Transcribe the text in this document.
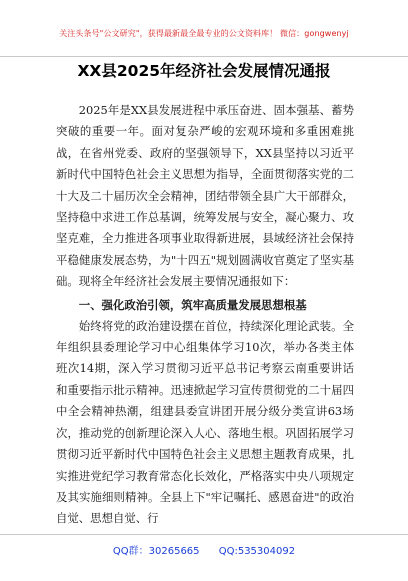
关注头条号"公文研究"，获得最新最全最专业的公文资料库！ 微信：gongwenyj
XX县2025年经济社会发展情况通报

2025年是XX县发展进程中承压奋进、固本强基、蓄势突破的重要一年。面对复杂严峻的宏观环境和多重困难挑战，在省州党委、政府的坚强领导下，XX县坚持以习近平新时代中国特色社会主义思想为指导，全面贯彻落实党的二十大及二十届历次全会精神，团结带领全县广大干部群众，坚持稳中求进工作总基调，统筹发展与安全，凝心聚力、攻坚克难，全力推进各项事业取得新进展，县域经济社会保持平稳健康发展态势，为"十四五"规划圆满收官奠定了坚实基础。现将全年经济社会发展主要情况通报如下：

一、强化政治引领，筑牢高质量发展思想根基

始终将党的政治建设摆在首位，持续深化理论武装。全年组织县委理论学习中心组集体学习10次，举办各类主体班次14期，深入学习贯彻习近平总书记考察云南重要讲话和重要指示批示精神。迅速掀起学习宣传贯彻党的二十届四中全会精神热潮，组建县委宣讲团开展分级分类宣讲63场次，推动党的创新理论深入人心、落地生根。巩固拓展学习贯彻习近平新时代中国特色社会主义思想主题教育成果，扎实推进党纪学习教育常态化长效化，严格落实中央八项规定及其实施细则精神。全县上下"牢记嘱托、感恩奋进"的政治自觉、思想自觉、行

QQ群：30265665 QQ:535304092
